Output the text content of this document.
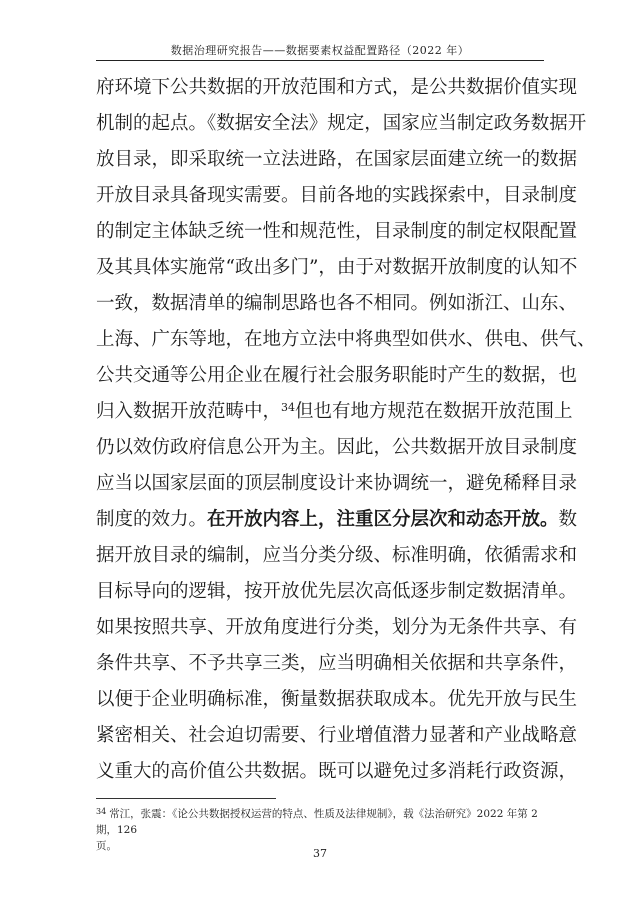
数据治理研究报告——数据要素权益配置路径（2022 年）
府环境下公共数据的开放范围和方式，是公共数据价值实现
机制的起点。《数据安全法》规定，国家应当制定政务数据开
放目录，即采取统一立法进路，在国家层面建立统一的数据
开放目录具备现实需要。目前各地的实践探索中，目录制度
的制定主体缺乏统一性和规范性，目录制度的制定权限配置
及其具体实施常“政出多门”，由于对数据开放制度的认知不
一致，数据清单的编制思路也各不相同。例如浙江、山东、
上海、广东等地，在地方立法中将典型如供水、供电、供气、
公共交通等公用企业在履行社会服务职能时产生的数据，也
归入数据开放范畴中，$^{34}$但也有地方规范在数据开放范围上
仍以效仿政府信息公开为主。因此，公共数据开放目录制度
应当以国家层面的顶层制度设计来协调统一，避免稀释目录
制度的效力。在开放内容上，注重区分层次和动态开放。数
据开放目录的编制，应当分类分级、标准明确，依循需求和
目标导向的逻辑，按开放优先层次高低逐步制定数据清单。
如果按照共享、开放角度进行分类，划分为无条件共享、有
条件共享、不予共享三类，应当明确相关依据和共享条件，
以便于企业明确标准，衡量数据获取成本。优先开放与民生
紧密相关、社会迫切需要、行业增值潜力显著和产业战略意
义重大的高价值公共数据。既可以避免过多消耗行政资源，
$^{34}$ 常江，张震：《论公共数据授权运营的特点、性质及法律规制》，载《法治研究》2022 年第 2 期，126
页。
37
